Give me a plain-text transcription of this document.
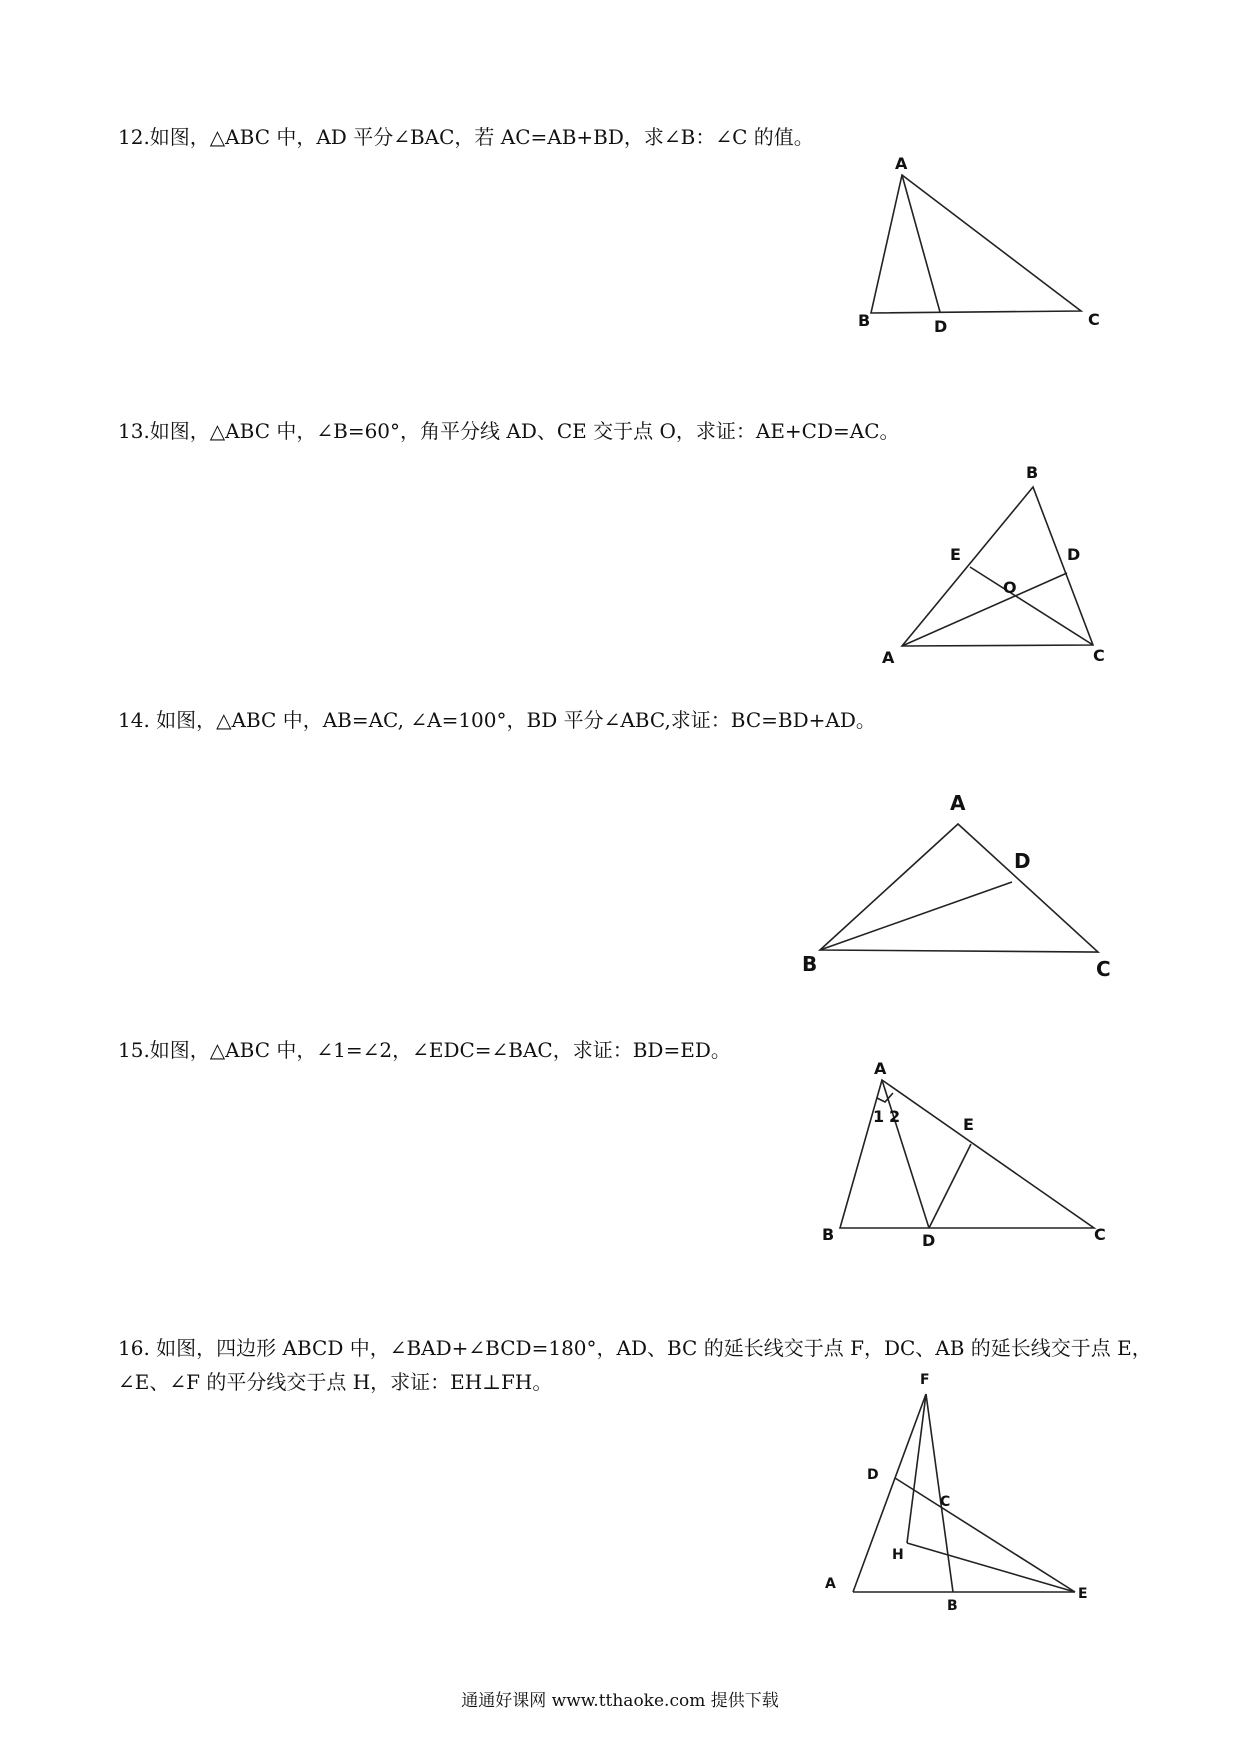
12.如图，△ABC 中，AD 平分∠BAC，若 AC=AB+BD，求∠B：∠C 的值。
A
B	D	C
13.如图，△ABC 中，∠B=60°，角平分线 AD、CE 交于点 O，求证：AE+CD=AC。
B
E	D
O
A	C
14. 如图，△ABC 中，AB=AC, ∠A=100°，BD 平分∠ABC,求证：BC=BD+AD。
A
D
B	C
15.如图，△ABC 中，∠1=∠2，∠EDC=∠BAC，求证：BD=ED。
A
1 2	E
B	D	C
16. 如图，四边形 ABCD 中，∠BAD+∠BCD=180°，AD、BC 的延长线交于点 F，DC、AB 的延长线交于点 E，
∠E、∠F 的平分线交于点 H，求证：EH⊥FH。	F
D
C
H
A
B
E
通通好课网 www.tthaoke.com 提供下载
